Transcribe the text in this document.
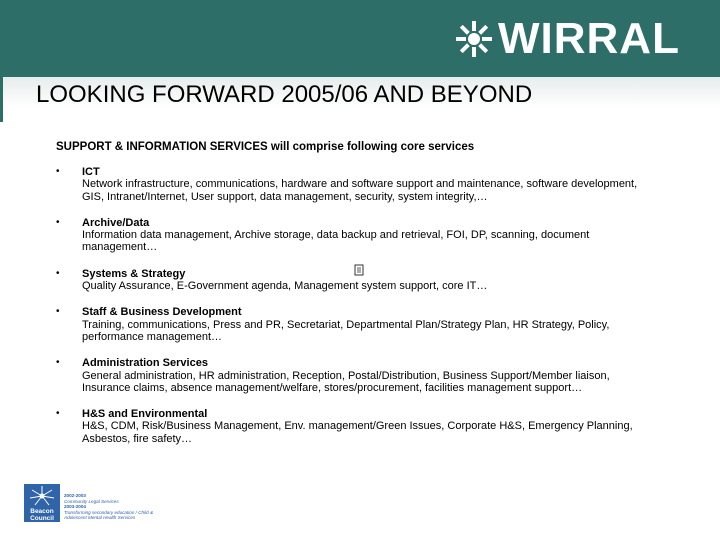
WIRRAL
LOOKING FORWARD 2005/06 AND BEYOND
SUPPORT & INFORMATION SERVICES will comprise following core services
• ICT
Network infrastructure, communications, hardware and software support and maintenance, software development, GIS, Intranet/Internet, User support, data management, security, system integrity,…
• Archive/Data
Information data management, Archive storage, data backup and retrieval, FOI, DP, scanning, document management…
• Systems & Strategy
Quality Assurance, E-Government agenda, Management system support, core IT…
• Staff & Business Development
Training, communications, Press and PR, Secretariat, Departmental Plan/Strategy Plan, HR Strategy, Policy, performance management…
• Administration Services
General administration, HR administration, Reception, Postal/Distribution, Business Support/Member liaison, Insurance claims, absence management/welfare, stores/procurement, facilities management support…
• H&S and Environmental
H&S, CDM, Risk/Business Management, Env. management/Green Issues, Corporate H&S, Emergency Planning, Asbestos, fire safety…
Beacon Council
2002-2003
Community Legal Services
2003-2004
Transforming secondary education / Child & Adolescent Mental Health Services
